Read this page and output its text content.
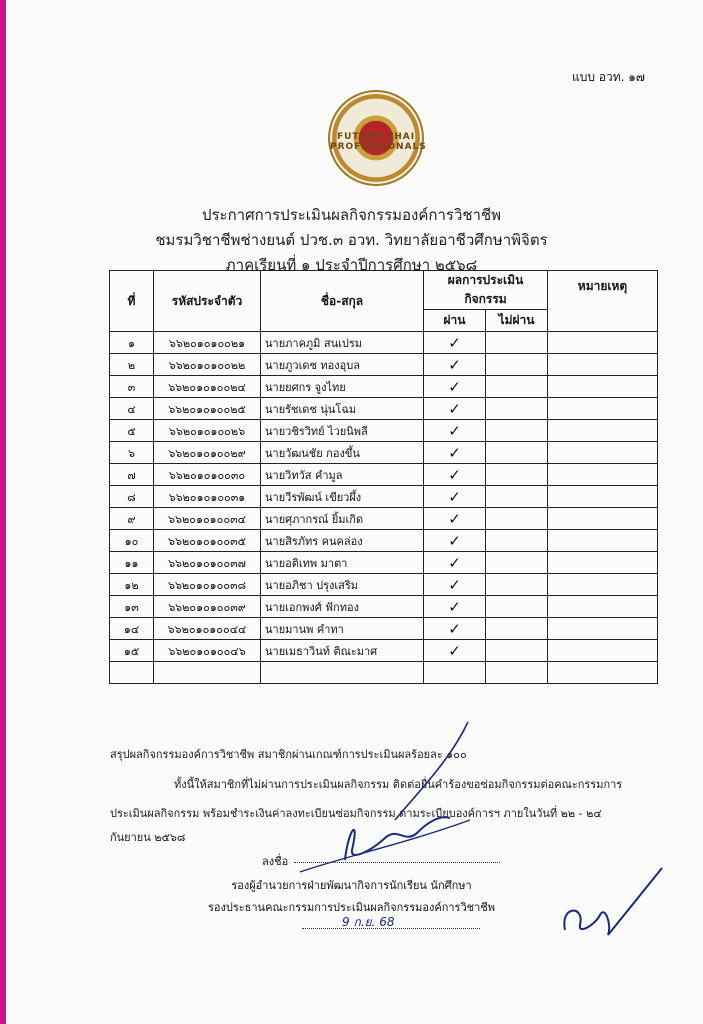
แบบ อวท. ๑๗
FUTURE THAI PROFESSIONALS
ประกาศการประเมินผลกิจกรรมองค์การวิชาชีพ
ชมรมวิชาชีพช่างยนต์ ปวช.๓ อวท. วิทยาลัยอาชีวศึกษาพิจิตร
ภาคเรียนที่ ๑ ประจำปีการศึกษา ๒๕๖๘
ที่	รหัสประจำตัว	ชื่อ-สกุล	ผลการประเมิน กิจกรรม		หมายเหตุ
			ผ่าน	ไม่ผ่าน	
๑	๖๖๒๐๑๐๑๐๐๒๑	นายภาคภูมิ สนเปรม	✓		
๒	๖๖๒๐๑๐๑๐๐๒๒	นายภูวเดช ทองอุบล	✓		
๓	๖๖๒๐๑๐๑๐๐๒๔	นายยศกร จูงไทย	✓		
๔	๖๖๒๐๑๐๑๐๐๒๕	นายรัชเดช นุ่นโฉม	✓		
๕	๖๖๒๐๑๐๑๐๐๒๖	นายวชิรวิทย์ ไวยนิพลี	✓		
๖	๖๖๒๐๑๐๑๐๐๒๙	นายวัฒนชัย กองขึ้น	✓		
๗	๖๖๒๐๑๐๑๐๐๓๐	นายวิทวัส คำมูล	✓		
๘	๖๖๒๐๑๐๑๐๐๓๑	นายวีรพัฒน์ เขียวผึ้ง	✓		
๙	๖๖๒๐๑๐๑๐๐๓๔	นายศุภากรณ์ ยิ้มเกิด	✓		
๑๐	๖๖๒๐๑๐๑๐๐๓๕	นายสิรภัทร คนคล่อง	✓		
๑๑	๖๖๒๐๑๐๑๐๐๓๗	นายอติเทพ มาตา	✓		
๑๒	๖๖๒๐๑๐๑๐๐๓๘	นายอภิชา ปรุงเสริม	✓		
๑๓	๖๖๒๐๑๐๑๐๐๓๙	นายเอกพงศ์ ฟักทอง	✓		
๑๔	๖๖๒๐๑๐๑๐๐๔๔	นายมานพ คำทา	✓		
๑๕	๖๖๒๐๑๐๑๐๐๔๖	นายเมธาวินท์ ติณะมาศ	✓		

สรุปผลกิจกรรมองค์การวิชาชีพ สมาชิกผ่านเกณฑ์การประเมินผลร้อยละ ๑๐๐
ทั้งนี้ให้สมาชิกที่ไม่ผ่านการประเมินผลกิจกรรม ติดต่อยื่นคำร้องขอซ่อมกิจกรรมต่อคณะกรรมการ
ประเมินผลกิจกรรม พร้อมชำระเงินค่าลงทะเบียนซ่อมกิจกรรม ตามระเบียบองค์การฯ ภายในวันที่ ๒๒ - ๒๔
กันยายน ๒๕๖๘
ลงชื่อ
รองผู้อำนวยการฝ่ายพัฒนากิจการนักเรียน นักศึกษา
รองประธานคณะกรรมการประเมินผลกิจกรรมองค์การวิชาชีพ
9 ก.ย. 68
